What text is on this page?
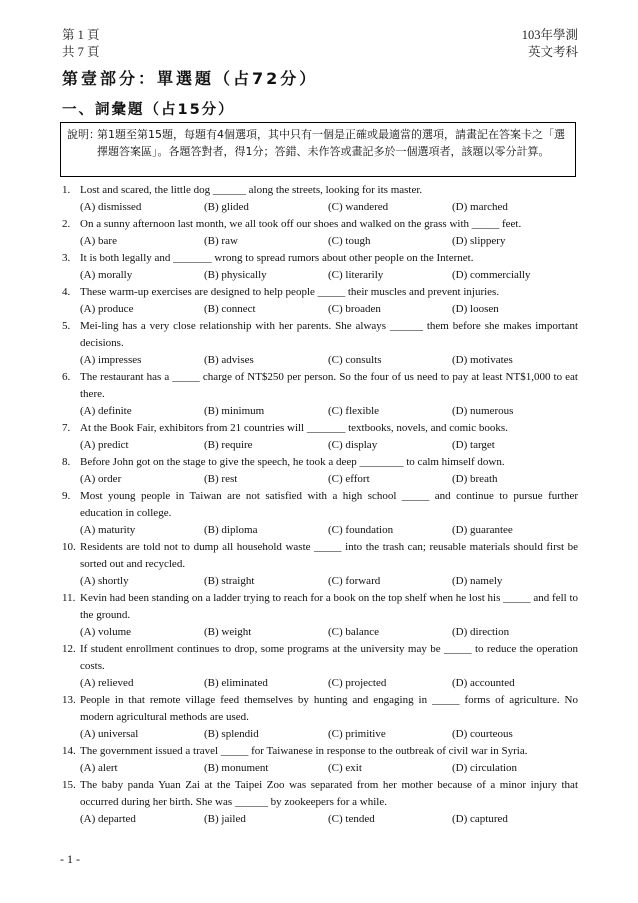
第 1 頁
共 7 頁
103年學測
英文考科
第壹部分：單選題（占72分）
一、詞彙題（占15分）
說明：
第1題至第15題，每題有4個選項，其中只有一個是正確或最適當的選項，請畫記在答案卡之「選擇題答案區」。各題答對者，得1分；答錯、未作答或畫記多於一個選項者，該題以零分計算。
1. Lost and scared, the little dog ______ along the streets, looking for its master.
(A) dismissed	(B) glided	(C) wandered	(D) marched
2. On a sunny afternoon last month, we all took off our shoes and walked on the grass with _____ feet.
(A) bare	(B) raw	(C) tough	(D) slippery
3. It is both legally and _______ wrong to spread rumors about other people on the Internet.
(A) morally	(B) physically	(C) literarily	(D) commercially
4. These warm-up exercises are designed to help people _____ their muscles and prevent injuries.
(A) produce	(B) connect	(C) broaden	(D) loosen
5. Mei-ling has a very close relationship with her parents. She always ______ them before she makes important decisions.
(A) impresses	(B) advises	(C) consults	(D) motivates
6. The restaurant has a _____ charge of NT$250 per person. So the four of us need to pay at least NT$1,000 to eat there.
(A) definite	(B) minimum	(C) flexible	(D) numerous
7. At the Book Fair, exhibitors from 21 countries will _______ textbooks, novels, and comic books.
(A) predict	(B) require	(C) display	(D) target
8. Before John got on the stage to give the speech, he took a deep ________ to calm himself down.
(A) order	(B) rest	(C) effort	(D) breath
9. Most young people in Taiwan are not satisfied with a high school _____ and continue to pursue further education in college.
(A) maturity	(B) diploma	(C) foundation	(D) guarantee
10. Residents are told not to dump all household waste _____ into the trash can; reusable materials should first be sorted out and recycled.
(A) shortly	(B) straight	(C) forward	(D) namely
11. Kevin had been standing on a ladder trying to reach for a book on the top shelf when he lost his _____ and fell to the ground.
(A) volume	(B) weight	(C) balance	(D) direction
12. If student enrollment continues to drop, some programs at the university may be _____ to reduce the operation costs.
(A) relieved	(B) eliminated	(C) projected	(D) accounted
13. People in that remote village feed themselves by hunting and engaging in _____ forms of agriculture. No modern agricultural methods are used.
(A) universal	(B) splendid	(C) primitive	(D) courteous
14. The government issued a travel _____ for Taiwanese in response to the outbreak of civil war in Syria.
(A) alert	(B) monument	(C) exit	(D) circulation
15. The baby panda Yuan Zai at the Taipei Zoo was separated from her mother because of a minor injury that occurred during her birth. She was ______ by zookeepers for a while.
(A) departed	(B) jailed	(C) tended	(D) captured
- 1 -
